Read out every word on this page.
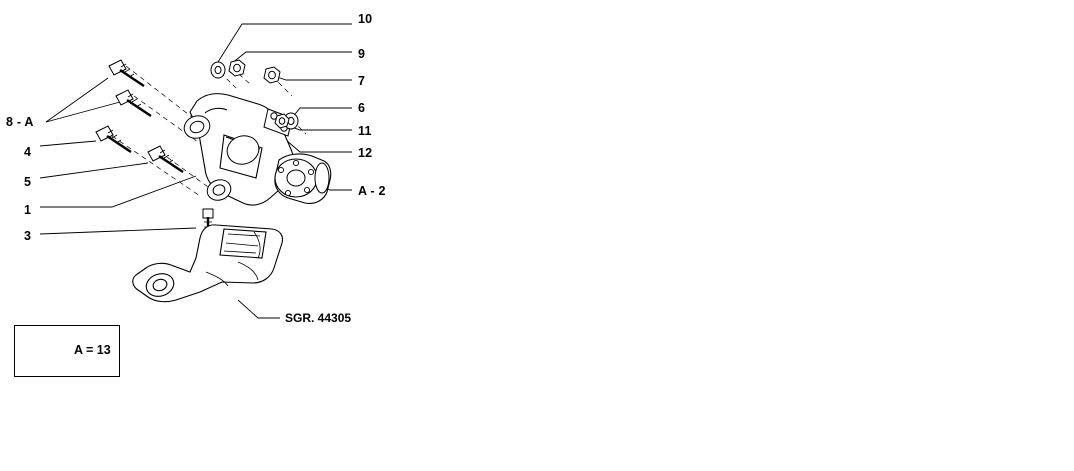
10
9
7
6
11
12
A - 2
8 - A
4
5
1
3
SGR. 44305
A = 13
